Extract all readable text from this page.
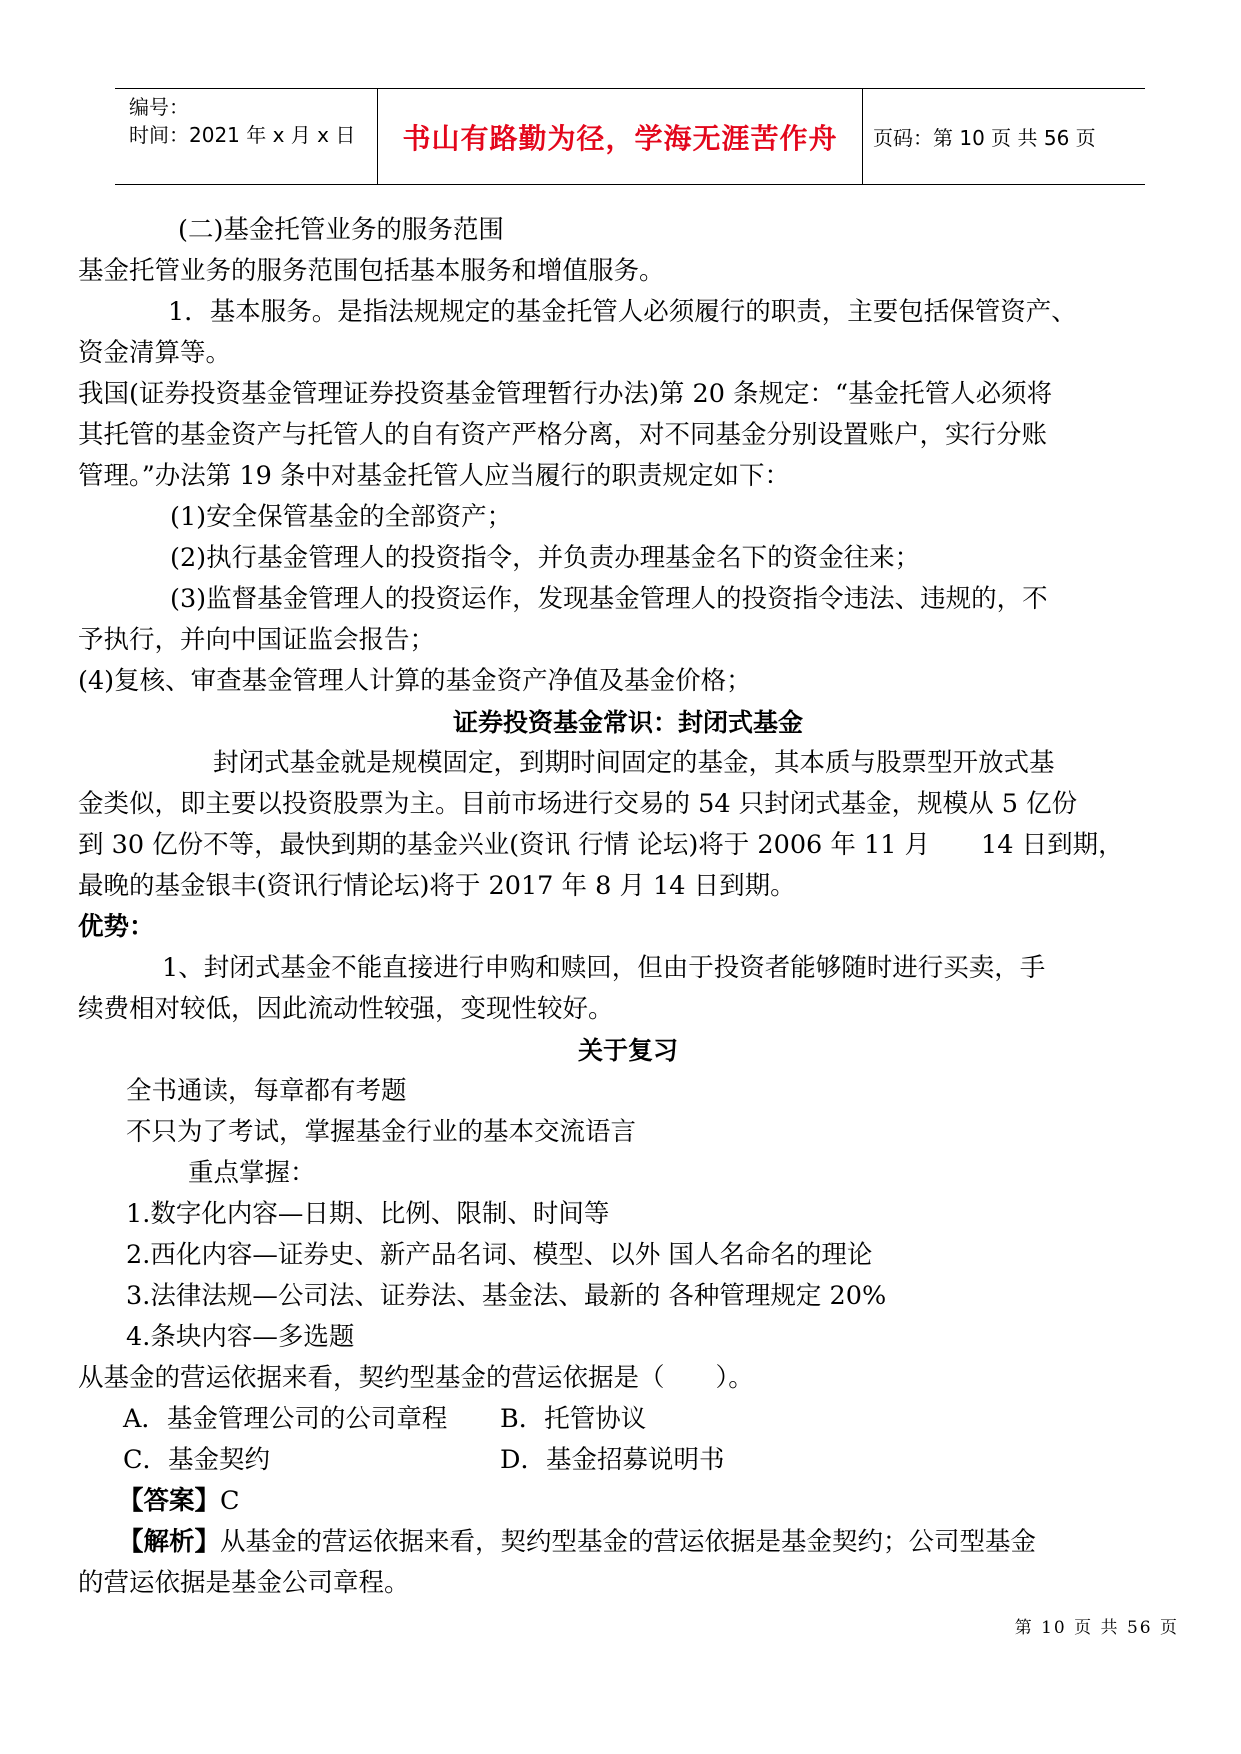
编号：
时间：2021 年 x 月 x 日	书山有路勤为径，学海无涯苦作舟	页码：第 10 页 共 56 页
(二)基金托管业务的服务范围
基金托管业务的服务范围包括基本服务和增值服务。
1．基本服务。是指法规规定的基金托管人必须履行的职责，主要包括保管资产、
资金清算等。
我国(证券投资基金管理证券投资基金管理暂行办法)第 20 条规定：“基金托管人必须将
其托管的基金资产与托管人的自有资产严格分离，对不同基金分别设置账户，实行分账
管理。”办法第 19 条中对基金托管人应当履行的职责规定如下：
(1)安全保管基金的全部资产；
(2)执行基金管理人的投资指令，并负责办理基金名下的资金往来；
(3)监督基金管理人的投资运作，发现基金管理人的投资指令违法、违规的，不
予执行，并向中国证监会报告；
(4)复核、审查基金管理人计算的基金资产净值及基金价格；
证券投资基金常识：封闭式基金
封闭式基金就是规模固定，到期时间固定的基金，其本质与股票型开放式基
金类似，即主要以投资股票为主。目前市场进行交易的 54 只封闭式基金，规模从 5 亿份
到 30 亿份不等，最快到期的基金兴业(资讯 行情 论坛)将于 2006 年 11 月　　14 日到期，
最晚的基金银丰(资讯行情论坛)将于 2017 年 8 月 14 日到期。
优势：
1、封闭式基金不能直接进行申购和赎回，但由于投资者能够随时进行买卖，手
续费相对较低，因此流动性较强，变现性较好。
关于复习
全书通读，每章都有考题
不只为了考试，掌握基金行业的基本交流语言
重点掌握：
1.数字化内容—日期、比例、限制、时间等
2.西化内容—证券史、新产品名词、模型、以外 国人名命名的理论
3.法律法规—公司法、证券法、基金法、最新的 各种管理规定 20%
4.条块内容—多选题
从基金的营运依据来看，契约型基金的营运依据是（　　）。
A．基金管理公司的公司章程	B．托管协议
C．基金契约	D．基金招募说明书
【答案】C
【解析】从基金的营运依据来看，契约型基金的营运依据是基金契约；公司型基金
的营运依据是基金公司章程。
第 10 页 共 56 页
